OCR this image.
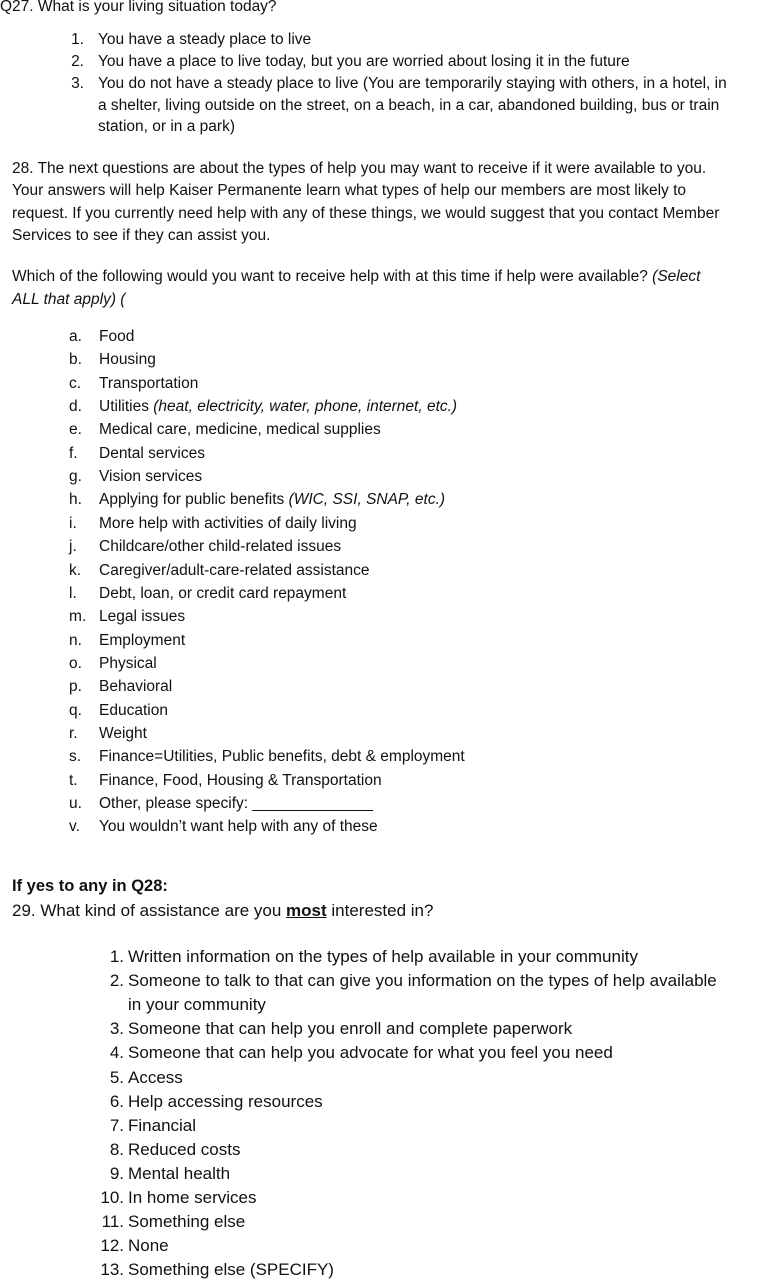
Q27. What is your living situation today?
1. You have a steady place to live
2. You have a place to live today, but you are worried about losing it in the future
3. You do not have a steady place to live (You are temporarily staying with others, in a hotel, in
a shelter, living outside on the street, on a beach, in a car, abandoned building, bus or train
station, or in a park)
28. The next questions are about the types of help you may want to receive if it were available to you.
Your answers will help Kaiser Permanente learn what types of help our members are most likely to
request. If you currently need help with any of these things, we would suggest that you contact Member
Services to see if they can assist you.
Which of the following would you want to receive help with at this time if help were available? (Select
ALL that apply) (
a. Food
b. Housing
c. Transportation
d. Utilities (heat, electricity, water, phone, internet, etc.)
e. Medical care, medicine, medical supplies
f. Dental services
g. Vision services
h. Applying for public benefits (WIC, SSI, SNAP, etc.)
i. More help with activities of daily living
j. Childcare/other child-related issues
k. Caregiver/adult-care-related assistance
l. Debt, loan, or credit card repayment
m. Legal issues
n. Employment
o. Physical
p. Behavioral
q. Education
r. Weight
s. Finance=Utilities, Public benefits, debt & employment
t. Finance, Food, Housing & Transportation
u. Other, please specify: ______________
v. You wouldn’t want help with any of these
If yes to any in Q28:
29. What kind of assistance are you most interested in?
1. Written information on the types of help available in your community
2. Someone to talk to that can give you information on the types of help available
in your community
3. Someone that can help you enroll and complete paperwork
4. Someone that can help you advocate for what you feel you need
5. Access
6. Help accessing resources
7. Financial
8. Reduced costs
9. Mental health
10. In home services
11. Something else
12. None
13. Something else (SPECIFY)
